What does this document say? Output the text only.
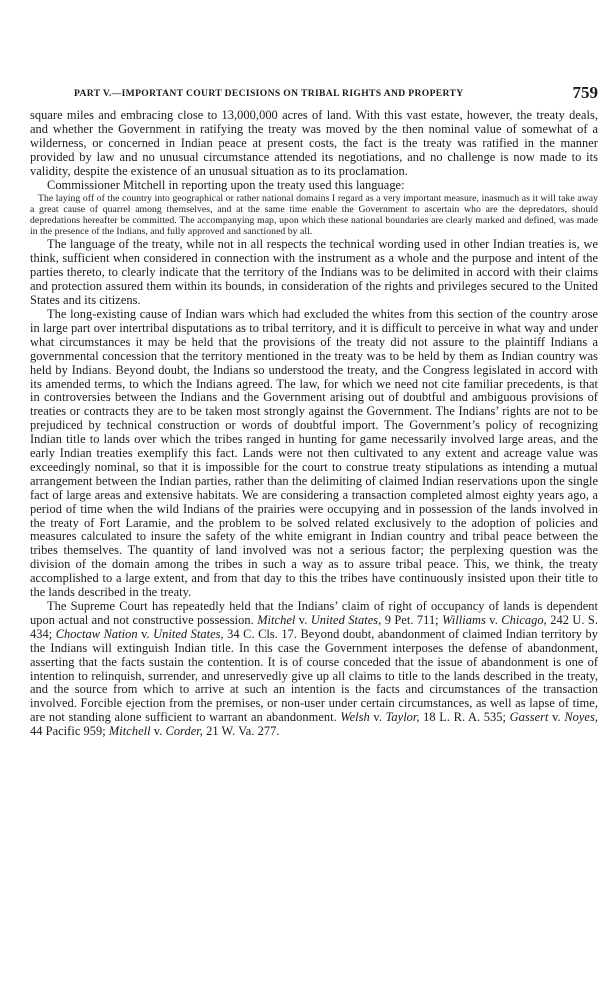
PART V.—IMPORTANT COURT DECISIONS ON TRIBAL RIGHTS AND PROPERTY	759

square miles and embracing close to 13,000,000 acres of land. With this vast estate, however, the treaty deals, and whether the Government in ratifying the treaty was moved by the then nominal value of somewhat of a wilderness, or concerned in Indian peace at present costs, the fact is the treaty was ratified in the manner provided by law and no unusual circumstance attended its negotiations, and no challenge is now made to its validity, despite the existence of an unusual situation as to its proclamation.

Commissioner Mitchell in reporting upon the treaty used this language:

The laying off of the country into geographical or rather national domains I regard as a very important measure, inasmuch as it will take away a great cause of quarrel among themselves, and at the same time enable the Government to ascertain who are the depredators, should depredations hereafter be committed. The accompanying map, upon which these national boundaries are clearly marked and defined, was made in the presence of the Indians, and fully approved and sanctioned by all.

The language of the treaty, while not in all respects the technical wording used in other Indian treaties is, we think, sufficient when considered in connection with the instrument as a whole and the purpose and intent of the parties thereto, to clearly indicate that the territory of the Indians was to be delimited in accord with their claims and protection assured them within its bounds, in consideration of the rights and privileges secured to the United States and its citizens.

The long-existing cause of Indian wars which had excluded the whites from this section of the country arose in large part over intertribal disputations as to tribal territory, and it is difficult to perceive in what way and under what circumstances it may be held that the provisions of the treaty did not assure to the plaintiff Indians a governmental concession that the territory mentioned in the treaty was to be held by them as Indian country was held by Indians. Beyond doubt, the Indians so understood the treaty, and the Congress legislated in accord with its amended terms, to which the Indians agreed. The law, for which we need not cite familiar precedents, is that in controversies between the Indians and the Government arising out of doubtful and ambiguous provisions of treaties or contracts they are to be taken most strongly against the Government. The Indians’ rights are not to be prejudiced by technical construction or words of doubtful import. The Government’s policy of recognizing Indian title to lands over which the tribes ranged in hunting for game necessarily involved large areas, and the early Indian treaties exemplify this fact. Lands were not then cultivated to any extent and acreage value was exceedingly nominal, so that it is impossible for the court to construe treaty stipulations as intending a mutual arrangement between the Indian parties, rather than the delimiting of claimed Indian reservations upon the single fact of large areas and extensive habitats. We are considering a transaction completed almost eighty years ago, a period of time when the wild Indians of the prairies were occupying and in possession of the lands involved in the treaty of Fort Laramie, and the problem to be solved related exclusively to the adoption of policies and measures calculated to insure the safety of the white emigrant in Indian country and tribal peace between the tribes themselves. The quantity of land involved was not a serious factor; the perplexing question was the division of the domain among the tribes in such a way as to assure tribal peace. This, we think, the treaty accomplished to a large extent, and from that day to this the tribes have continuously insisted upon their title to the lands described in the treaty.

The Supreme Court has repeatedly held that the Indians’ claim of right of occupancy of lands is dependent upon actual and not constructive possession. Mitchel v. United States, 9 Pet. 711; Williams v. Chicago, 242 U. S. 434; Choctaw Nation v. United States, 34 C. Cls. 17. Beyond doubt, abandonment of claimed Indian territory by the Indians will extinguish Indian title. In this case the Government interposes the defense of abandonment, asserting that the facts sustain the contention. It is of course conceded that the issue of abandonment is one of intention to relinquish, surrender, and unreservedly give up all claims to title to the lands described in the treaty, and the source from which to arrive at such an intention is the facts and circumstances of the transaction involved. Forcible ejection from the premises, or non-user under certain circumstances, as well as lapse of time, are not standing alone sufficient to warrant an abandonment. Welsh v. Taylor, 18 L. R. A. 535; Gassert v. Noyes, 44 Pacific 959; Mitchell v. Corder, 21 W. Va. 277.
